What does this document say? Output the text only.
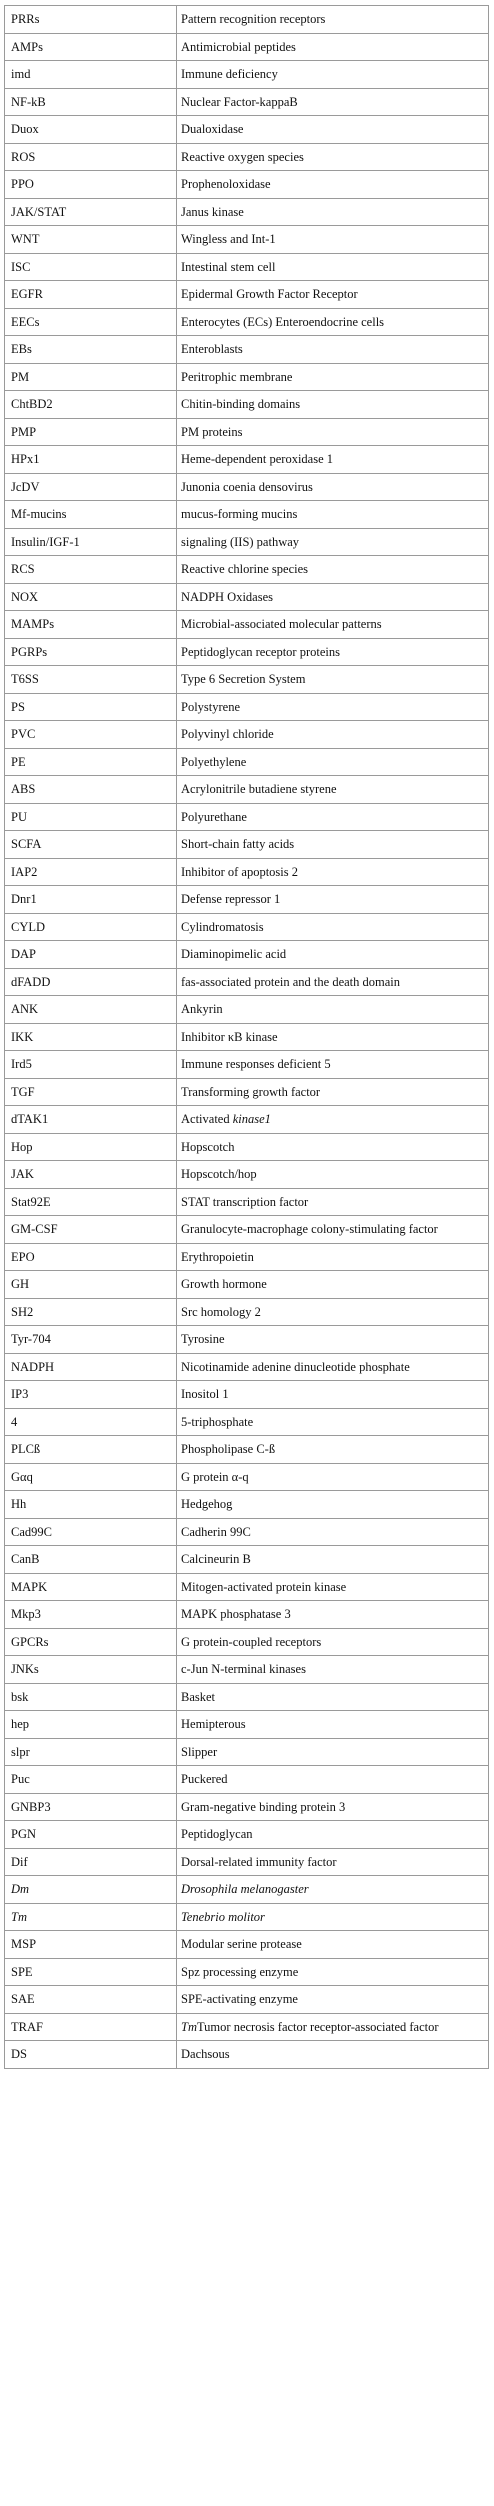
PRRs	Pattern recognition receptors
AMPs	Antimicrobial peptides
imd	Immune deficiency
NF-kB	Nuclear Factor-kappaB
Duox	Dualoxidase
ROS	Reactive oxygen species
PPO	Prophenoloxidase
JAK/STAT	Janus kinase
WNT	Wingless and Int-1
ISC	Intestinal stem cell
EGFR	Epidermal Growth Factor Receptor
EECs	Enterocytes (ECs) Enteroendocrine cells
EBs	Enteroblasts
PM	Peritrophic membrane
ChtBD2	Chitin-binding domains
PMP	PM proteins
HPx1	Heme-dependent peroxidase 1
JcDV	Junonia coenia densovirus
Mf-mucins	mucus-forming mucins
Insulin/IGF-1	signaling (IIS) pathway
RCS	Reactive chlorine species
NOX	NADPH Oxidases
MAMPs	Microbial-associated molecular patterns
PGRPs	Peptidoglycan receptor proteins
T6SS	Type 6 Secretion System
PS	Polystyrene
PVC	Polyvinyl chloride
PE	Polyethylene
ABS	Acrylonitrile butadiene styrene
PU	Polyurethane
SCFA	Short-chain fatty acids
IAP2	Inhibitor of apoptosis 2
Dnr1	Defense repressor 1
CYLD	Cylindromatosis
DAP	Diaminopimelic acid
dFADD	fas-associated protein and the death domain
ANK	Ankyrin
IKK	Inhibitor κB kinase
Ird5	Immune responses deficient 5
TGF	Transforming growth factor
dTAK1	Activated kinase1
Hop	Hopscotch
JAK	Hopscotch/hop
Stat92E	STAT transcription factor
GM-CSF	Granulocyte-macrophage colony-stimulating factor
EPO	Erythropoietin
GH	Growth hormone
SH2	Src homology 2
Tyr-704	Tyrosine
NADPH	Nicotinamide adenine dinucleotide phosphate
IP3	Inositol 1
4	5-triphosphate
PLCß	Phospholipase C-ß
Gαq	G protein α-q
Hh	Hedgehog
Cad99C	Cadherin 99C
CanB	Calcineurin B
MAPK	Mitogen-activated protein kinase
Mkp3	MAPK phosphatase 3
GPCRs	G protein-coupled receptors
JNKs	c-Jun N-terminal kinases
bsk	Basket
hep	Hemipterous
slpr	Slipper
Puc	Puckered
GNBP3	Gram-negative binding protein 3
PGN	Peptidoglycan
Dif	Dorsal-related immunity factor
Dm	Drosophila melanogaster
Tm	Tenebrio molitor
MSP	Modular serine protease
SPE	Spz processing enzyme
SAE	SPE-activating enzyme
TRAF	TmTumor necrosis factor receptor-associated factor
DS	Dachsous
